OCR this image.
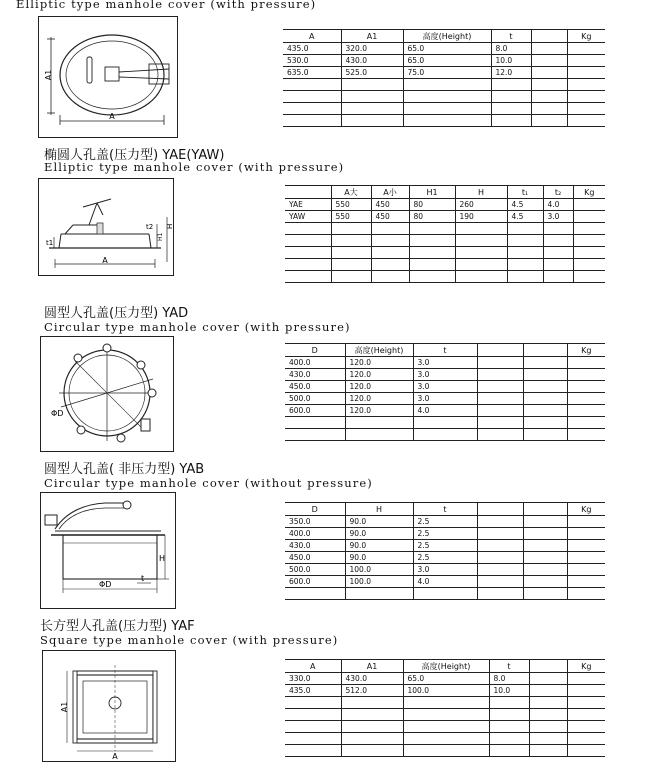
Elliptic type manhole cover (with pressure)
A1
A
A	A1	高度(Height)	t		Kg
435.0	320.0	65.0	8.0		
530.0	430.0	65.0	10.0		
635.0	525.0	75.0	12.0		

椭圆人孔盖(压力型) YAE(YAW)
Elliptic type manhole cover (with pressure)
t1
t2
H1
H
A
	A大	A小	H1	H	t₁	t₂	Kg
YAE	550	450	80	260	4.5	4.0	
YAW	550	450	80	190	4.5	3.0	

圆型人孔盖(压力型) YAD
Circular type manhole cover (with pressure)
ΦD
D	高度(Height)	t			Kg
400.0	120.0	3.0			
430.0	120.0	3.0			
450.0	120.0	3.0			
500.0	120.0	3.0			
600.0	120.0	4.0			

圆型人孔盖( 非压力型) YAB
Circular type manhole cover (without pressure)
H
ΦD
t
D	H	t			Kg
350.0	90.0	2.5			
400.0	90.0	2.5			
430.0	90.0	2.5			
450.0	90.0	2.5			
500.0	100.0	3.0			
600.0	100.0	4.0			

长方型人孔盖(压力型) YAF
Square type manhole cover (with pressure)
A1
A
A	A1	高度(Height)	t		Kg
330.0	430.0	65.0	8.0		
435.0	512.0	100.0	10.0		
